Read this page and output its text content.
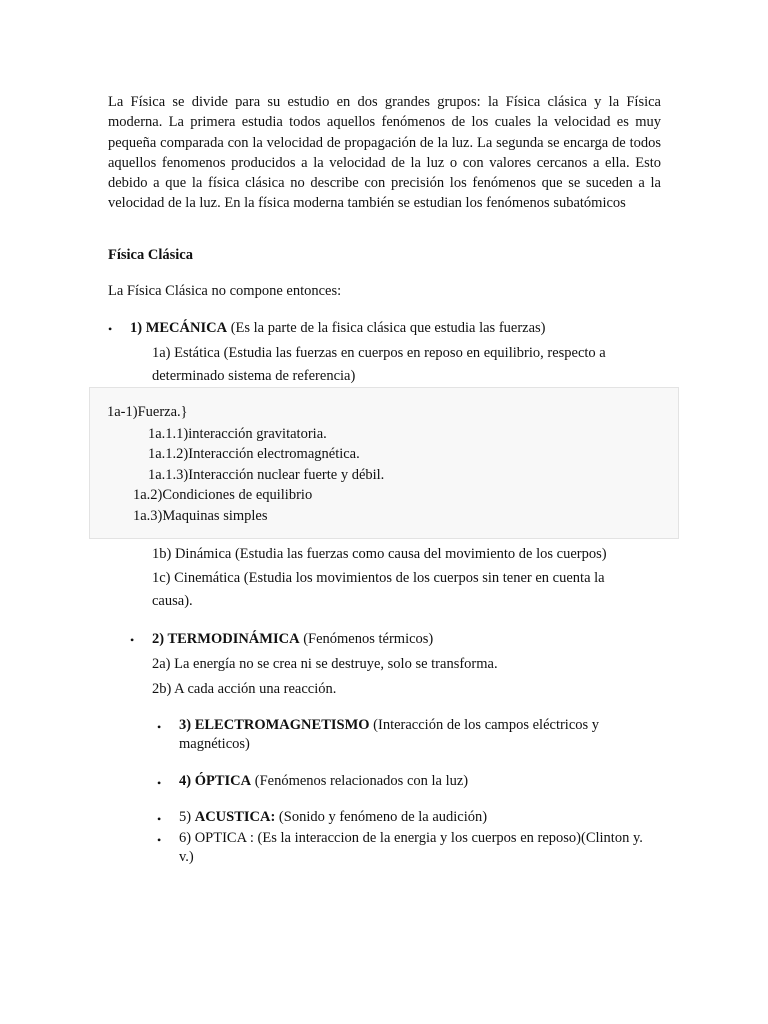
La Física se divide para su estudio en dos grandes grupos: la Física clásica y la Física moderna. La primera estudia todos aquellos fenómenos de los cuales la velocidad es muy pequeña comparada con la velocidad de propagación de la luz. La segunda se encarga de todos aquellos fenomenos producidos a la velocidad de la luz o con valores cercanos a ella. Esto debido a que la física clásica no describe con precisión los fenómenos que se suceden a la velocidad de la luz. En la física moderna también se estudian los fenómenos subatómicos

Física Clásica

La Física Clásica no compone entonces:

• 1) MECÁNICA (Es la parte de la fisica clásica que estudia las fuerzas)

1a) Estática (Estudia las fuerzas en cuerpos en reposo en equilibrio, respecto a determinado sistema de referencia)

1a-1)Fuerza.}

1a.1.1)interacción gravitatoria.

1a.1.2)Interacción electromagnética.

1a.1.3)Interacción nuclear fuerte y débil.

1a.2)Condiciones de equilibrio

1a.3)Maquinas simples

1b) Dinámica (Estudia las fuerzas como causa del movimiento de los cuerpos)

1c) Cinemática (Estudia los movimientos de los cuerpos sin tener en cuenta la causa).

• 2) TERMODINÁMICA (Fenómenos térmicos)

2a) La energía no se crea ni se destruye, solo se transforma.

2b) A cada acción una reacción.

• 3) ELECTROMAGNETISMO (Interacción de los campos eléctricos y magnéticos)

• 4) ÓPTICA (Fenómenos relacionados con la luz)

• 5) ACUSTICA: (Sonido y fenómeno de la audición)

• 6) OPTICA : (Es la interaccion de la energia y los cuerpos en reposo)(Clinton y. v.)
